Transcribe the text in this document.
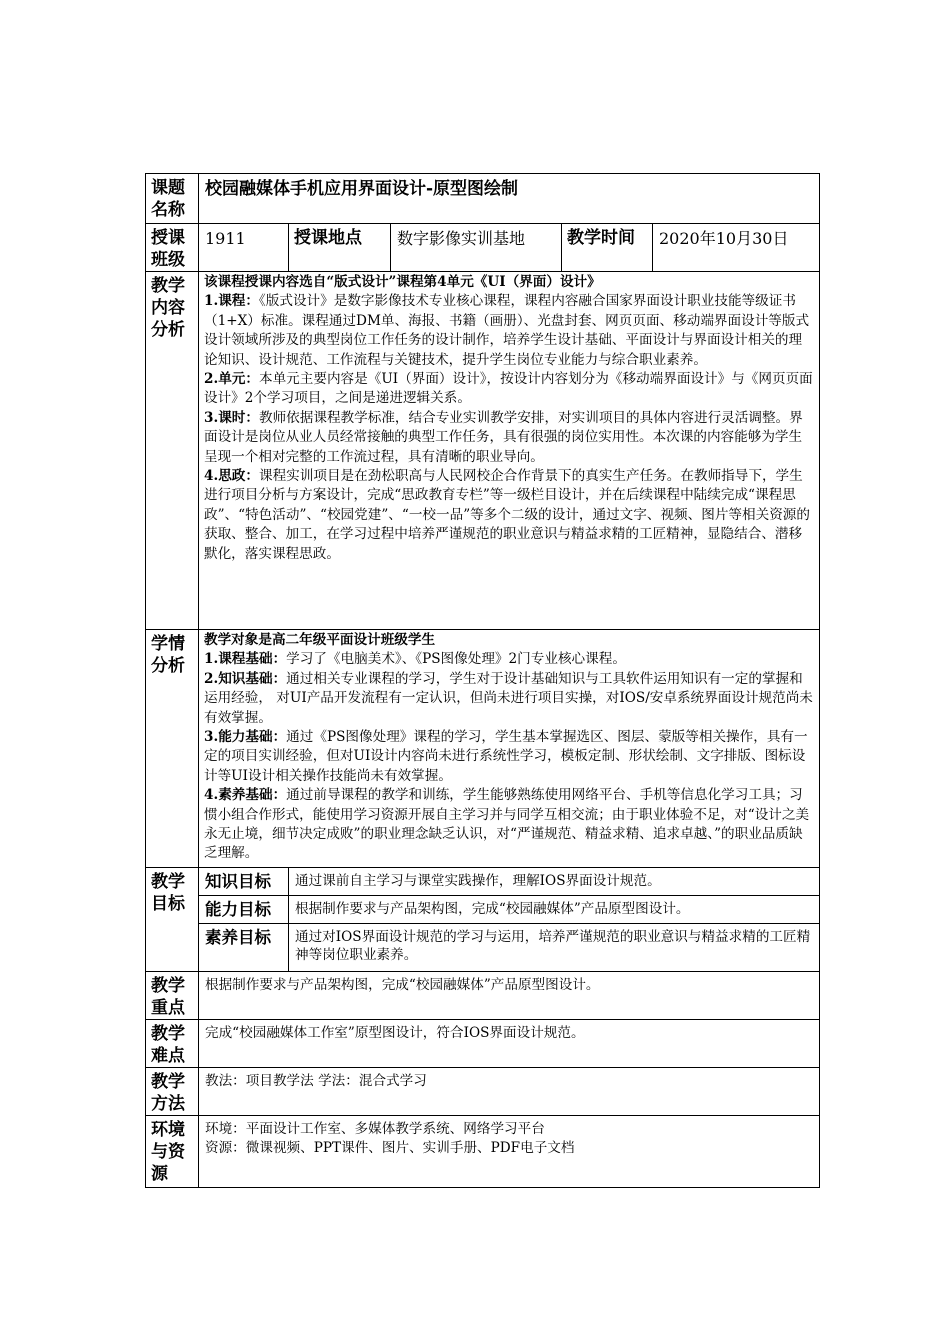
课题名称	校园融媒体手机应用界面设计-原型图绘制				
授课班级	1911	授课地点	数字影像实训基地	教学时间	2020年10月30日
教学内容分析	该课程授课内容选自“版式设计”课程第4单元《UI（界面）设计》

1.课程：《版式设计》是数字影像技术专业核心课程，课程内容融合国家界面设计职业技能等级证书（1+X）标准。课程通过DM单、海报、书籍（画册）、光盘封套、网页页面、移动端界面设计等版式设计领域所涉及的典型岗位工作任务的设计制作，培养学生设计基础、平面设计与界面设计相关的理论知识、设计规范、工作流程与关键技术，提升学生岗位专业能力与综合职业素养。

2.单元：本单元主要内容是《UI（界面）设计》，按设计内容划分为《移动端界面设计》与《网页页面设计》2个学习项目，之间是递进逻辑关系。

3.课时：教师依据课程教学标准，结合专业实训教学安排，对实训项目的具体内容进行灵活调整。界面设计是岗位从业人员经常接触的典型工作任务，具有很强的岗位实用性。本次课的内容能够为学生呈现一个相对完整的工作流过程，具有清晰的职业导向。

4.思政：课程实训项目是在劲松职高与人民网校企合作背景下的真实生产任务。在教师指导下，学生进行项目分析与方案设计，完成“思政教育专栏”等一级栏目设计，并在后续课程中陆续完成“课程思政”、“特色活动”、“校园党建”、“一校一品”等多个二级的设计，通过文字、视频、图片等相关资源的获取、整合、加工，在学习过程中培养严谨规范的职业意识与精益求精的工匠精神，显隐结合、潜移默化，落实课程思政。				

学情分析	教学对象是高二年级平面设计班级学生

1.课程基础：学习了《电脑美术》、《PS图像处理》2门专业核心课程。

2.知识基础：通过相关专业课程的学习，学生对于设计基础知识与工具软件运用知识有一定的掌握和运用经验， 对UI产品开发流程有一定认识，但尚未进行项目实操，对IOS/安卓系统界面设计规范尚未有效掌握。

3.能力基础：通过《PS图像处理》课程的学习，学生基本掌握选区、图层、蒙版等相关操作，具有一定的项目实训经验，但对UI设计内容尚未进行系统性学习，模板定制、形状绘制、文字排版、图标设计等UI设计相关操作技能尚未有效掌握。

4.素养基础：通过前导课程的教学和训练，学生能够熟练使用网络平台、手机等信息化学习工具；习惯小组合作形式，能使用学习资源开展自主学习并与同学互相交流；由于职业体验不足，对“设计之美永无止境，细节决定成败”的职业理念缺乏认识，对“严谨规范、精益求精、追求卓越、”的职业品质缺乏理解。				

教学目标	知识目标	通过课前自主学习与课堂实践操作，理解IOS界面设计规范。			
	能力目标	根据制作要求与产品架构图，完成“校园融媒体”产品原型图设计。			
	素养目标	通过对IOS界面设计规范的学习与运用，培养严谨规范的职业意识与精益求精的工匠精神等岗位职业素养。			
教学重点	根据制作要求与产品架构图，完成“校园融媒体”产品原型图设计。				
教学难点	完成“校园融媒体工作室”原型图设计，符合IOS界面设计规范。				
教学方法	教法：项目教学法 学法：混合式学习				
环境与资源	环境：平面设计工作室、多媒体教学系统、网络学习平台
资源：微课视频、PPT课件、图片、实训手册、PDF电子文档				
